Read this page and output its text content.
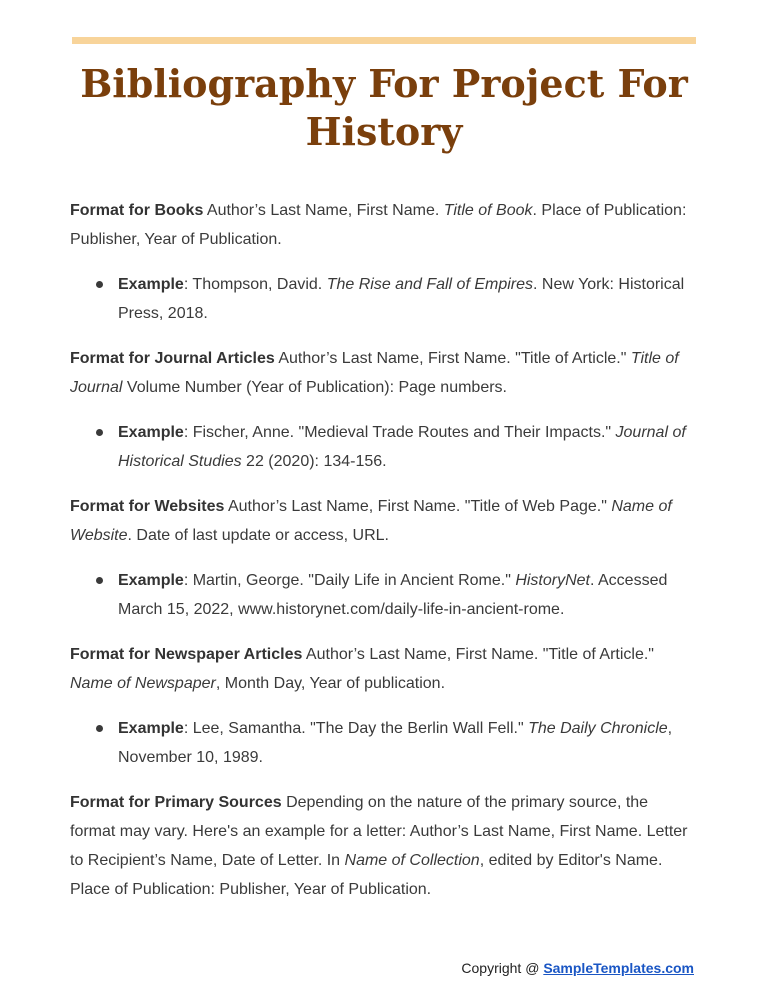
Bibliography For Project For History

Format for Books Author’s Last Name, First Name. Title of Book. Place of Publication: Publisher, Year of Publication.

Example: Thompson, David. The Rise and Fall of Empires. New York: Historical Press, 2018.

Format for Journal Articles Author’s Last Name, First Name. "Title of Article." Title of Journal Volume Number (Year of Publication): Page numbers.

Example: Fischer, Anne. "Medieval Trade Routes and Their Impacts." Journal of Historical Studies 22 (2020): 134-156.

Format for Websites Author’s Last Name, First Name. "Title of Web Page." Name of Website. Date of last update or access, URL.

Example: Martin, George. "Daily Life in Ancient Rome." HistoryNet. Accessed March 15, 2022, www.historynet.com/daily-life-in-ancient-rome.

Format for Newspaper Articles Author’s Last Name, First Name. "Title of Article." Name of Newspaper, Month Day, Year of publication.

Example: Lee, Samantha. "The Day the Berlin Wall Fell." The Daily Chronicle, November 10, 1989.

Format for Primary Sources Depending on the nature of the primary source, the format may vary. Here's an example for a letter: Author’s Last Name, First Name. Letter to Recipient’s Name, Date of Letter. In Name of Collection, edited by Editor's Name. Place of Publication: Publisher, Year of Publication.

Copyright @ SampleTemplates.com
